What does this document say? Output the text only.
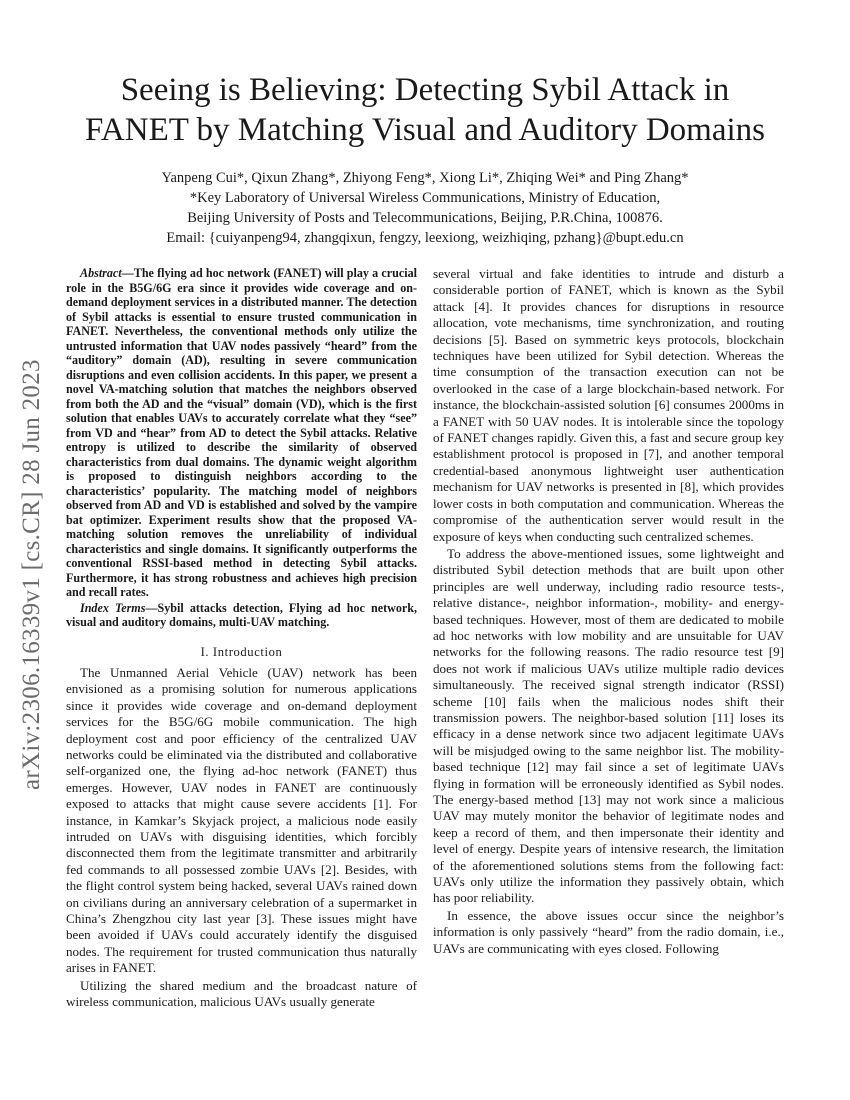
arXiv:2306.16339v1 [cs.CR] 28 Jun 2023
Seeing is Believing: Detecting Sybil Attack in
FANET by Matching Visual and Auditory Domains
Yanpeng Cui*, Qixun Zhang*, Zhiyong Feng*, Xiong Li*, Zhiqing Wei* and Ping Zhang*
*Key Laboratory of Universal Wireless Communications, Ministry of Education,
Beijing University of Posts and Telecommunications, Beijing, P.R.China, 100876.
Email: {cuiyanpeng94, zhangqixun, fengzy, leexiong, weizhiqing, pzhang}@bupt.edu.cn

Abstract—The flying ad hoc network (FANET) will play a crucial role in the B5G/6G era since it provides wide coverage and on-demand deployment services in a distributed manner. The detection of Sybil attacks is essential to ensure trusted communication in FANET. Nevertheless, the conventional methods only utilize the untrusted information that UAV nodes passively “heard” from the “auditory” domain (AD), resulting in severe communication disruptions and even collision accidents. In this paper, we present a novel VA-matching solution that matches the neighbors observed from both the AD and the “visual” domain (VD), which is the first solution that enables UAVs to accurately correlate what they “see” from VD and “hear” from AD to detect the Sybil attacks. Relative entropy is utilized to describe the similarity of observed characteristics from dual domains. The dynamic weight algorithm is proposed to distinguish neighbors according to the characteristics’ popularity. The matching model of neighbors observed from AD and VD is established and solved by the vampire bat optimizer. Experiment results show that the proposed VA-matching solution removes the unreliability of individual characteristics and single domains. It significantly outperforms the conventional RSSI-based method in detecting Sybil attacks. Furthermore, it has strong robustness and achieves high precision and recall rates.

Index Terms—Sybil attacks detection, Flying ad hoc network, visual and auditory domains, multi-UAV matching.

I. Introduction

The Unmanned Aerial Vehicle (UAV) network has been envisioned as a promising solution for numerous applications since it provides wide coverage and on-demand deployment services for the B5G/6G mobile communication. The high deployment cost and poor efficiency of the centralized UAV networks could be eliminated via the distributed and collaborative self-organized one, the flying ad-hoc network (FANET) thus emerges. However, UAV nodes in FANET are continuously exposed to attacks that might cause severe accidents [1]. For instance, in Kamkar’s Skyjack project, a malicious node easily intruded on UAVs with disguising identities, which forcibly disconnected them from the legitimate transmitter and arbitrarily fed commands to all possessed zombie UAVs [2]. Besides, with the flight control system being hacked, several UAVs rained down on civilians during an anniversary celebration of a supermarket in China’s Zhengzhou city last year [3]. These issues might have been avoided if UAVs could accurately identify the disguised nodes. The requirement for trusted communication thus naturally arises in FANET.

Utilizing the shared medium and the broadcast nature of wireless communication, malicious UAVs usually generate

several virtual and fake identities to intrude and disturb a considerable portion of FANET, which is known as the Sybil attack [4]. It provides chances for disruptions in resource allocation, vote mechanisms, time synchronization, and routing decisions [5]. Based on symmetric keys protocols, blockchain techniques have been utilized for Sybil detection. Whereas the time consumption of the transaction execution can not be overlooked in the case of a large blockchain-based network. For instance, the blockchain-assisted solution [6] consumes 2000ms in a FANET with 50 UAV nodes. It is intolerable since the topology of FANET changes rapidly. Given this, a fast and secure group key establishment protocol is proposed in [7], and another temporal credential-based anonymous lightweight user authentication mechanism for UAV networks is presented in [8], which provides lower costs in both computation and communication. Whereas the compromise of the authentication server would result in the exposure of keys when conducting such centralized schemes.

To address the above-mentioned issues, some lightweight and distributed Sybil detection methods that are built upon other principles are well underway, including radio resource tests-, relative distance-, neighbor information-, mobility- and energy-based techniques. However, most of them are dedicated to mobile ad hoc networks with low mobility and are unsuitable for UAV networks for the following reasons. The radio resource test [9] does not work if malicious UAVs utilize multiple radio devices simultaneously. The received signal strength indicator (RSSI) scheme [10] fails when the malicious nodes shift their transmission powers. The neighbor-based solution [11] loses its efficacy in a dense network since two adjacent legitimate UAVs will be misjudged owing to the same neighbor list. The mobility-based technique [12] may fail since a set of legitimate UAVs flying in formation will be erroneously identified as Sybil nodes. The energy-based method [13] may not work since a malicious UAV may mutely monitor the behavior of legitimate nodes and keep a record of them, and then impersonate their identity and level of energy. Despite years of intensive research, the limitation of the aforementioned solutions stems from the following fact: UAVs only utilize the information they passively obtain, which has poor reliability.

In essence, the above issues occur since the neighbor’s information is only passively “heard” from the radio domain, i.e., UAVs are communicating with eyes closed. Following
